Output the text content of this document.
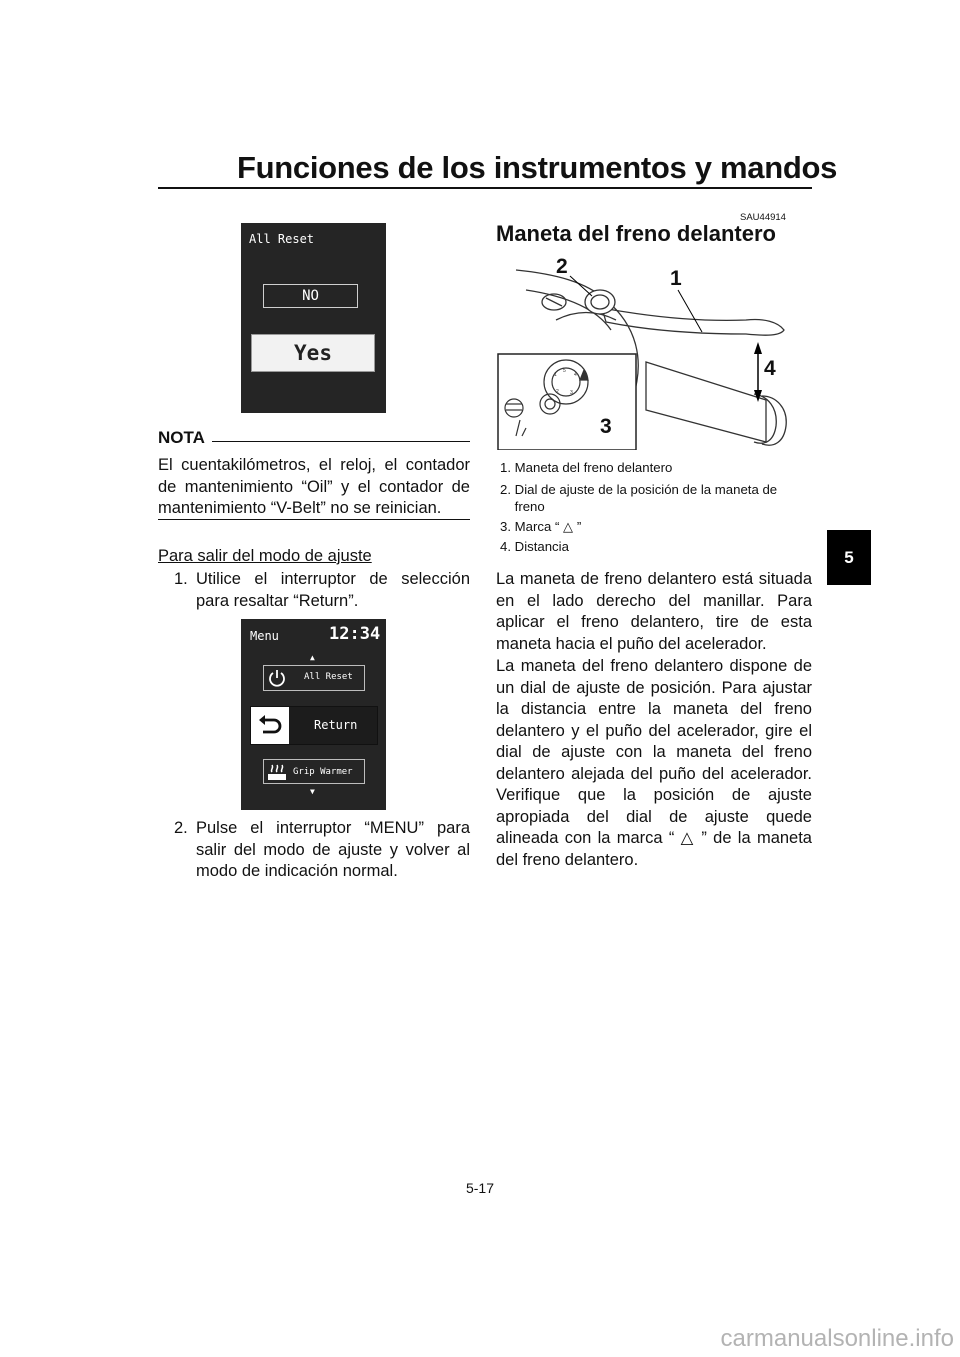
Funciones de los instrumentos y mandos
5
All Reset
NO
Yes
NOTA
El cuentakilómetros, el reloj, el contador de mantenimiento “Oil” y el contador de mantenimiento “V-Belt” no se reinician.
Para salir del modo de ajuste
1. Utilice el interruptor de selección para resaltar “Return”.
Menu	12:34
▲
All Reset
Return
Grip Warmer
▼
2. Pulse el interruptor “MENU” para salir del modo de ajuste y volver al modo de indicación normal.
SAU44914
Maneta del freno delantero
5
4
1
2 3
2
1
4
3
1. Maneta del freno delantero
2. Dial de ajuste de la posición de la maneta de freno
3. Marca “ △ ”
4. Distancia
La maneta de freno delantero está situada en el lado derecho del manillar. Para aplicar el freno delantero, tire de esta maneta hacia el puño del acelerador.
La maneta del freno delantero dispone de un dial de ajuste de posición. Para ajustar la distancia entre la maneta del freno delantero y el puño del acelerador, gire el dial de ajuste con la maneta del freno delantero alejada del puño del acelerador. Verifique que la posición de ajuste apropiada del dial de ajuste quede alineada con la marca “ △ ” de la maneta del freno delantero.
5-17
carmanualsonline.info
